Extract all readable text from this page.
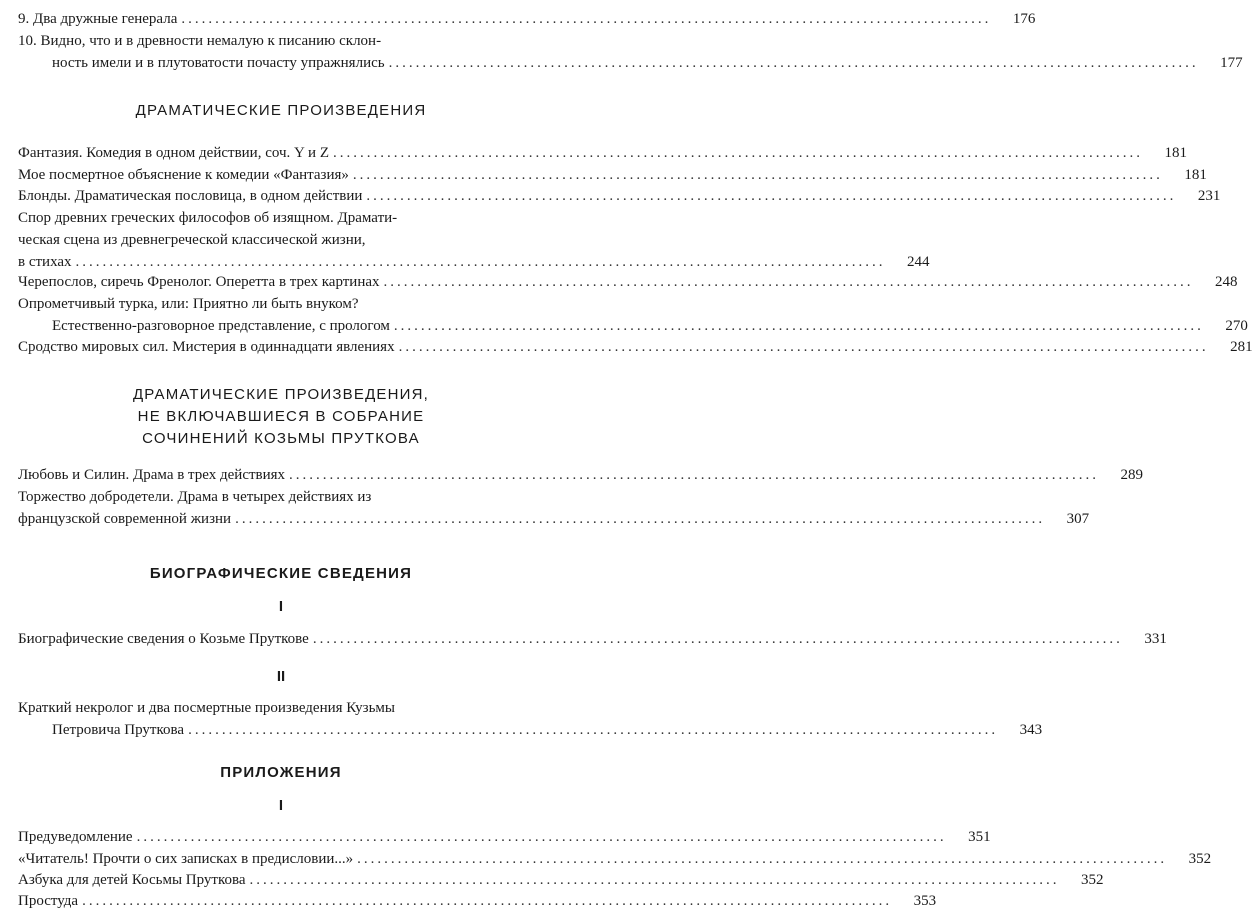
9. Два дружные генерала ........................................................................................................................	176
10. Видно, что и в древности немалую к писанию склон-
ность имели и в плутоватости почасту упражнялись ........................................................................................................................	177
ДРАМАТИЧЕСКИЕ ПРОИЗВЕДЕНИЯ
Фантазия. Комедия в одном действии, соч. Y и Z ........................................................................................................................	181
Мое посмертное объяснение к комедии «Фантазия» ........................................................................................................................	181
Блонды. Драматическая пословица, в одном действии ........................................................................................................................	231
Спор древних греческих философов об изящном. Драмати-
ческая сцена из древнегреческой классической жизни,
в стихах ........................................................................................................................	244
Черепослов, сиречь Френолог. Оперетта в трех картинах ........................................................................................................................	248
Опрометчивый турка, или: Приятно ли быть внуком?
Естественно-разговорное представление, с прологом ........................................................................................................................	270
Сродство мировых сил. Мистерия в одиннадцати явлениях ........................................................................................................................	281
ДРАМАТИЧЕСКИЕ ПРОИЗВЕДЕНИЯ,
НЕ ВКЛЮЧАВШИЕСЯ В СОБРАНИЕ
СОЧИНЕНИЙ КОЗЬМЫ ПРУТКОВА
Любовь и Силин. Драма в трех действиях ........................................................................................................................	289
Торжество добродетели. Драма в четырех действиях из
французской современной жизни ........................................................................................................................	307
БИОГРАФИЧЕСКИЕ СВЕДЕНИЯ
I
Биографические сведения о Козьме Пруткове ........................................................................................................................	331
II
Краткий некролог и два посмертные произведения Кузьмы
Петровича Пруткова ........................................................................................................................	343
ПРИЛОЖЕНИЯ
I
Предуведомление ........................................................................................................................	351
«Читатель! Прочти о сих записках в предисловии...» ........................................................................................................................	352
Азбука для детей Косьмы Пруткова ........................................................................................................................	352
Простуда ........................................................................................................................	353
